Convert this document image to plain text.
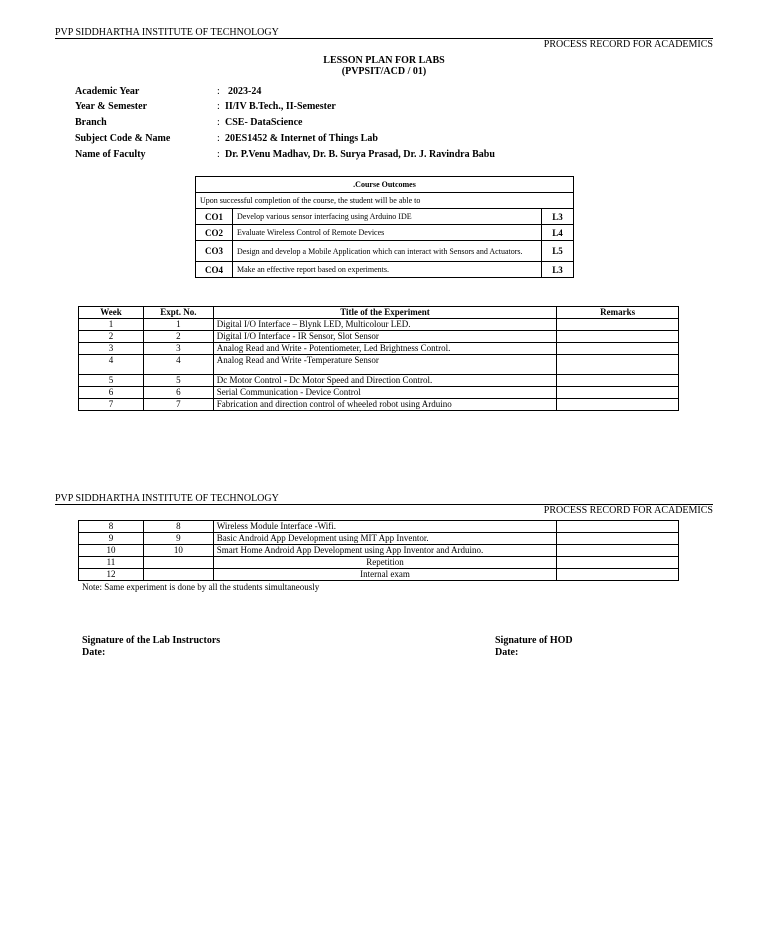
PVP SIDDHARTHA INSTITUTE OF TECHNOLOGY
PROCESS RECORD FOR ACADEMICS
LESSON PLAN FOR LABS
(PVPSIT/ACD / 01)
Academic Year	: 2023-24
Year & Semester	: II/IV B.Tech., II-Semester
Branch	: CSE- DataScience
Subject Code & Name	: 20ES1452 & Internet of Things Lab
Name of Faculty	: Dr. P.Venu Madhav, Dr. B. Surya Prasad, Dr. J. Ravindra Babu
.Course Outcomes		
Upon successful completion of the course, the student will be able to		
CO1	Develop various sensor interfacing using Arduino IDE	L3
CO2	Evaluate Wireless Control of Remote Devices	L4
CO3	Design and develop a Mobile Application which can interact with Sensors and Actuators.	L5
CO4	Make an effective report based on experiments.	L3
Week	Expt. No.	Title of the Experiment	Remarks
1	1	Digital I/O Interface – Blynk LED, Multicolour LED.	
2	2	Digital I/O Interface - IR Sensor, Slot Sensor	
3	3	Analog Read and Write - Potentiometer, Led Brightness Control.	
4	4	Analog Read and Write -Temperature Sensor	
5	5	Dc Motor Control - Dc Motor Speed and Direction Control.	
6	6	Serial Communication - Device Control	
7	7	Fabrication and direction control of wheeled robot using Arduino	
PVP SIDDHARTHA INSTITUTE OF TECHNOLOGY
PROCESS RECORD FOR ACADEMICS
8	8	Wireless Module Interface -Wifi.	
9	9	Basic Android App Development using MIT App Inventor.	
10	10	Smart Home Android App Development using App Inventor and Arduino.	
11		Repetition	
12		Internal exam	
Note: Same experiment is done by all the students simultaneously
Signature of the Lab Instructors
Date:
Signature of HOD
Date:
